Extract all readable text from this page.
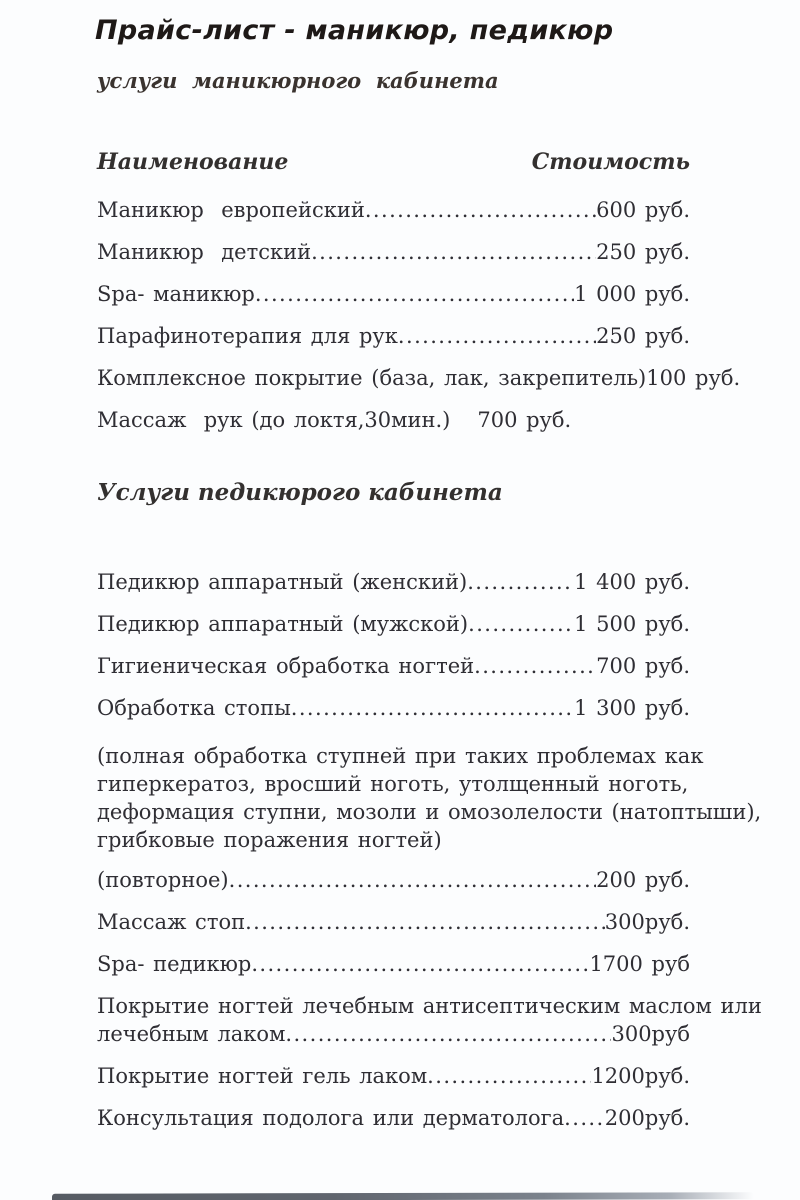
Прайс-лист - маникюр, педикюр
услуги  маникюрного  кабинета
Наименование	Стоимость
Маникюр  европейский .....	600 руб.
Маникюр  детский .....	250 руб.
Spa- маникюр .....	1 000 руб.
Парафинотерапия для рук .....	250 руб.
Комплексное покрытие (база, лак, закрепитель) 100 руб.
Массаж  рук (до локтя,30мин.) 700 руб.
Услуги педикюрого кабинета
Педикюр аппаратный (женский) .....	1 400 руб.
Педикюр аппаратный (мужской) .....	1 500 руб.
Гигиеническая обработка ногтей .....	700 руб.
Обработка стопы .....	1 300 руб.
(полная обработка ступней при таких проблемах как
гиперкератоз, вросший ноготь, утолщенный ноготь,
деформация ступни, мозоли и омозолелости (натоптыши),
грибковые поражения ногтей)
(повторное) .....	200 руб.
Массаж стоп .....	300руб.
Spa- педикюр .....	1700 руб
Покрытие ногтей лечебным антисептическим маслом или
лечебным лаком .....	300руб
Покрытие ногтей гель лаком .....	1200руб.
Консультация подолога или дерматолога ..... 200руб.
